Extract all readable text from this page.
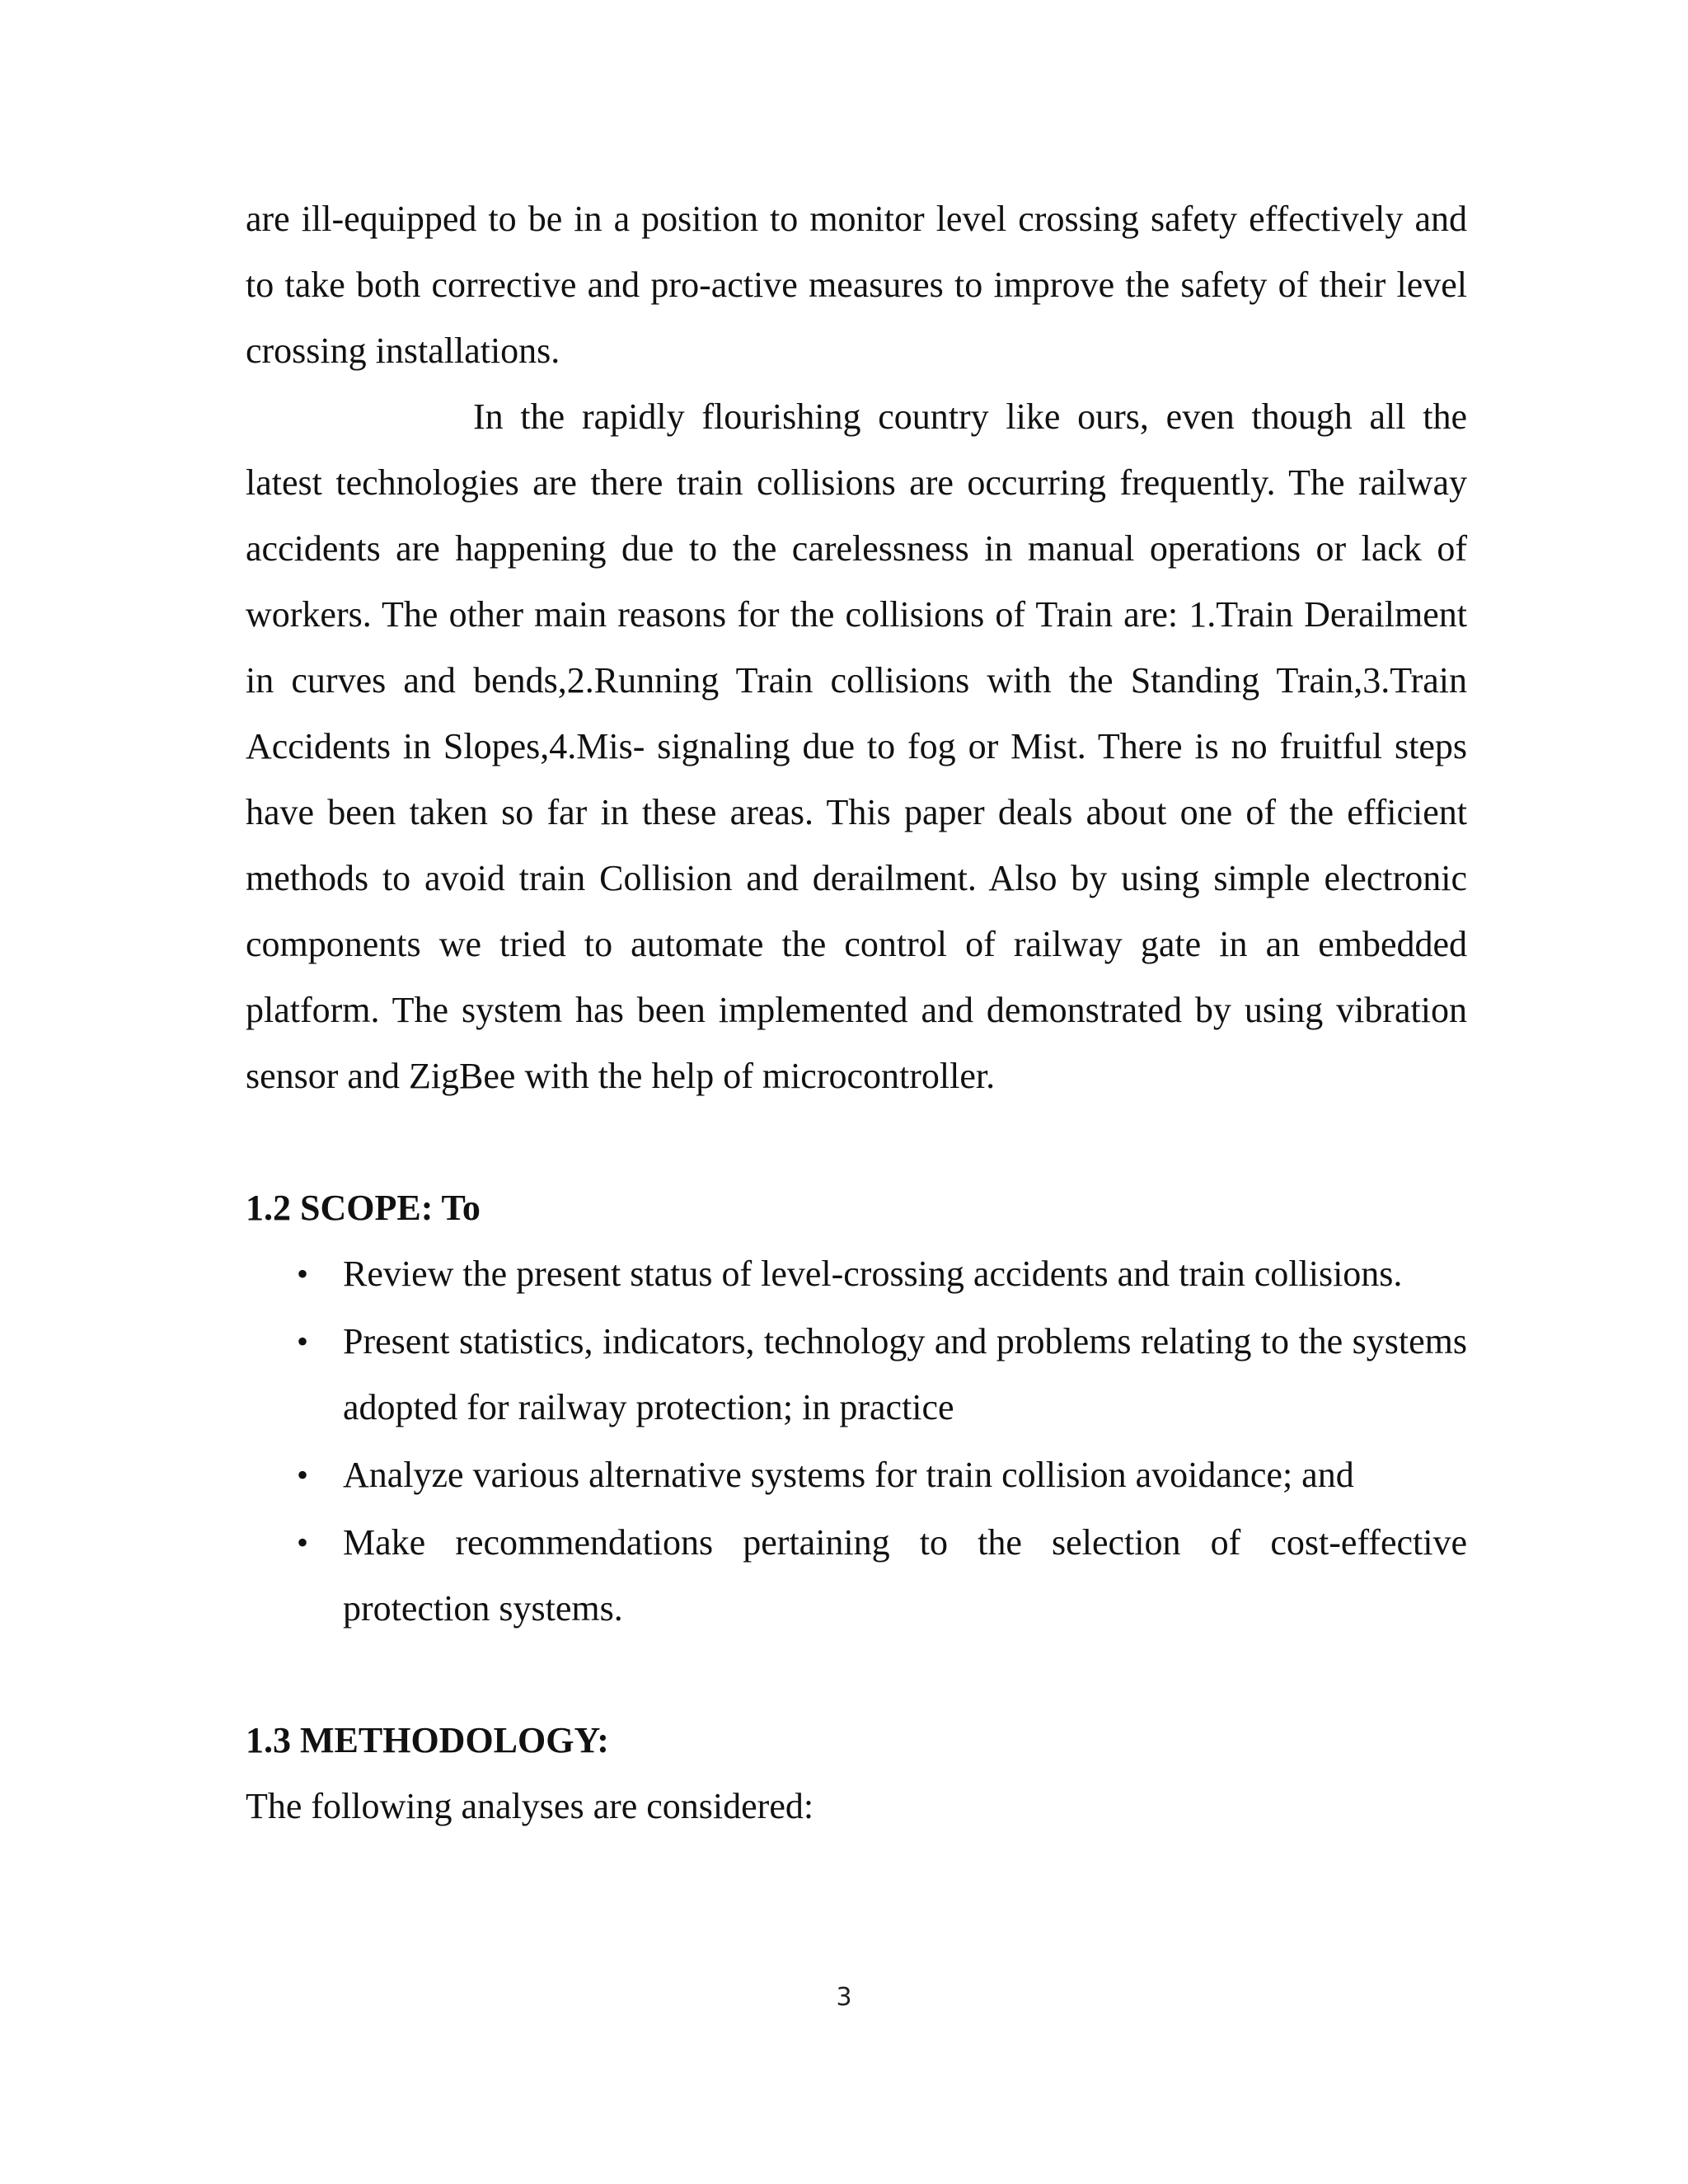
are ill-equipped to be in a position to monitor level crossing safety effectively and to take both corrective and pro-active measures to improve the safety of their level crossing installations.

In the rapidly flourishing country like ours, even though all the latest technologies are there train collisions are occurring frequently. The railway accidents are happening due to the carelessness in manual operations or lack of workers. The other main reasons for the collisions of Train are: 1.Train Derailment in curves and bends,2.Running Train collisions with the Standing Train,3.Train Accidents in Slopes,4.Mis- signaling due to fog or Mist. There is no fruitful steps have been taken so far in these areas. This paper deals about one of the efficient methods to avoid train Collision and derailment. Also by using simple electronic components we tried to automate the control of railway gate in an embedded platform. The system has been implemented and demonstrated by using vibration sensor and ZigBee with the help of microcontroller.

1.2 SCOPE: To
• Review the present status of level-crossing accidents and train collisions.
• Present statistics, indicators, technology and problems relating to the systems adopted for railway protection; in practice
• Analyze various alternative systems for train collision avoidance; and
• Make recommendations pertaining to the selection of cost-effective protection systems.
1.3 METHODOLOGY:

The following analyses are considered:

3
